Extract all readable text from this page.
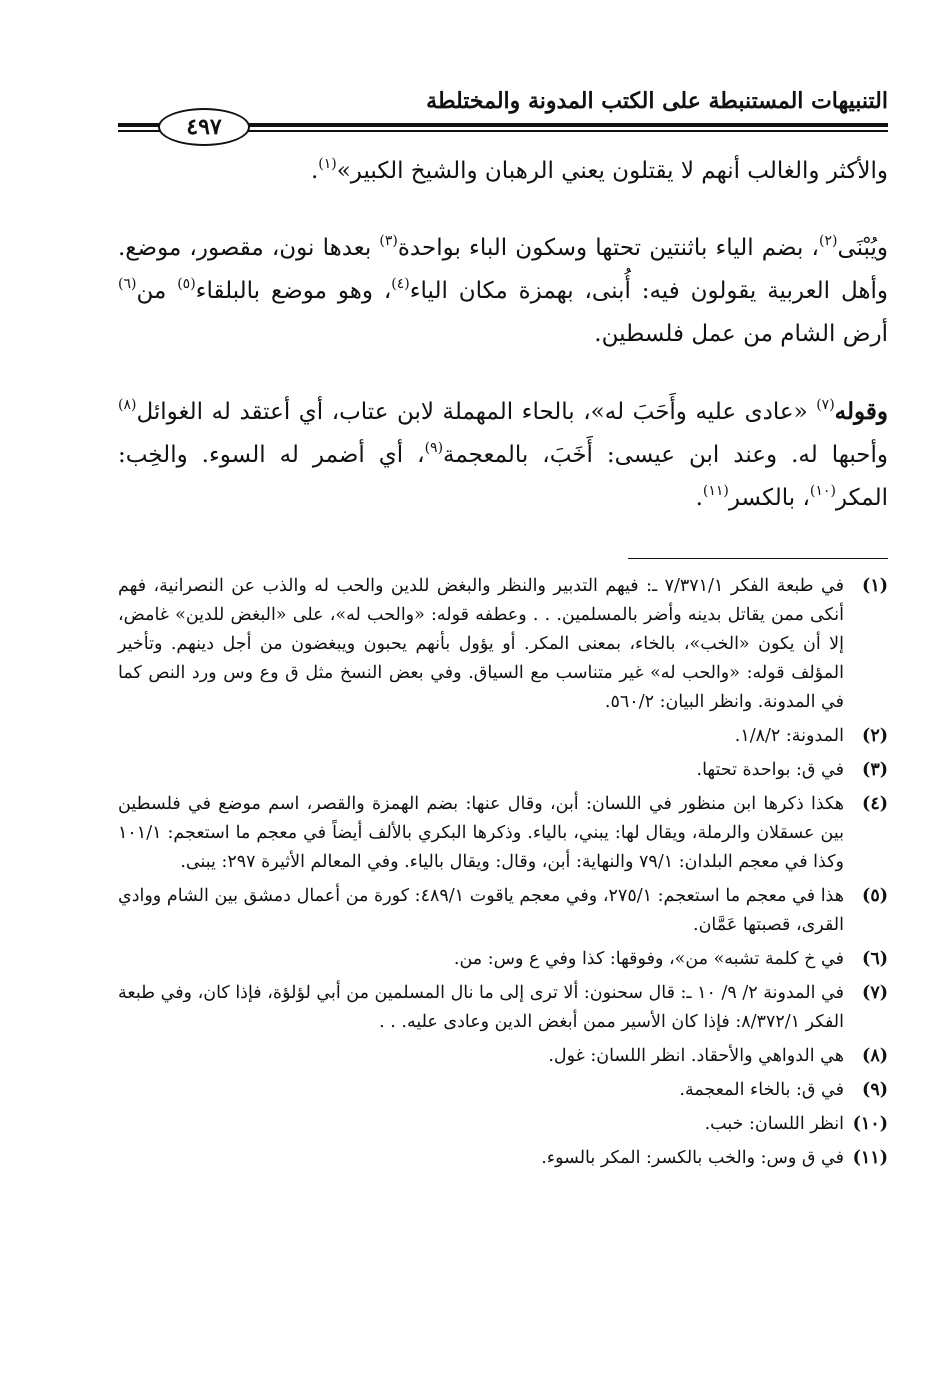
التنبيهات المستنبطة على الكتب المدونة والمختلطة
٤٩٧

والأكثر والغالب أنهم لا يقتلون يعني الرهبان والشيخ الكبير»$^{(١)}$.

ويُبْنَى$^{(٢)}$، بضم الياء باثنتين تحتها وسكون الباء بواحدة$^{(٣)}$ بعدها نون، مقصور، موضع. وأهل العربية يقولون فيه: أُبنى، بهمزة مكان الياء$^{(٤)}$، وهو موضع بالبلقاء$^{(٥)}$ من$^{(٦)}$ أرض الشام من عمل فلسطين.

وقوله$^{(٧)}$ «عادى عليه وأَحَبَ له»، بالحاء المهملة لابن عتاب، أي أعتقد له الغوائل$^{(٨)}$ وأحبها له. وعند ابن عيسى: أَخَبَ، بالمعجمة$^{(٩)}$، أي أضمر له السوء. والخِب: المكر$^{(١٠)}$، بالكسر$^{(١١)}$.

(١)
في طبعة الفكر ٧/٣٧١/١ ـ: فيهم التدبير والنظر والبغض للدين والحب له والذب عن النصرانية، فهم أنكى ممن يقاتل بدينه وأضر بالمسلمين. . . وعطفه قوله: «والحب له»، على «البغض للدين» غامض، إلا أن يكون «الخب»، بالخاء، بمعنى المكر. أو يؤول بأنهم يحبون ويبغضون من أجل دينهم. وتأخير المؤلف قوله: «والحب له» غير متناسب مع السياق. وفي بعض النسخ مثل ق وع وس ورد النص كما في المدونة. وانظر البيان: ٥٦٠/٢.
(٢)
المدونة: ١/٨/٢.
(٣)
في ق: بواحدة تحتها.
(٤)
هكذا ذكرها ابن منظور في اللسان: أبن، وقال عنها: بضم الهمزة والقصر، اسم موضع في فلسطين بين عسقلان والرملة، ويقال لها: يبني، بالياء. وذكرها البكري بالألف أيضاً في معجم ما استعجم: ١٠١/١ وكذا في معجم البلدان: ٧٩/١ والنهاية: أبن، وقال: ويقال بالياء. وفي المعالم الأثيرة ٢٩٧: يبنى.
(٥)
هذا في معجم ما استعجم: ٢٧٥/١، وفي معجم ياقوت ٤٨٩/١: كورة من أعمال دمشق بين الشام ووادي القرى، قصبتها عَمَّان.
(٦)
في خ كلمة تشبه» من»، وفوقها: كذا وفي ع وس: من.
(٧)
في المدونة ٢/ ٩/ ١٠ ـ: قال سحنون: ألا ترى إلى ما نال المسلمين من أبي لؤلؤة، فإذا كان، وفي طبعة الفكر ٨/٣٧٢/١: فإذا كان الأسير ممن أبغض الدين وعادى عليه. . .
(٨)
هي الدواهي والأحقاد. انظر اللسان: غول.
(٩)
في ق: بالخاء المعجمة.
(١٠)
انظر اللسان: خبب.
(١١)
في ق وس: والخب بالكسر: المكر بالسوء.
